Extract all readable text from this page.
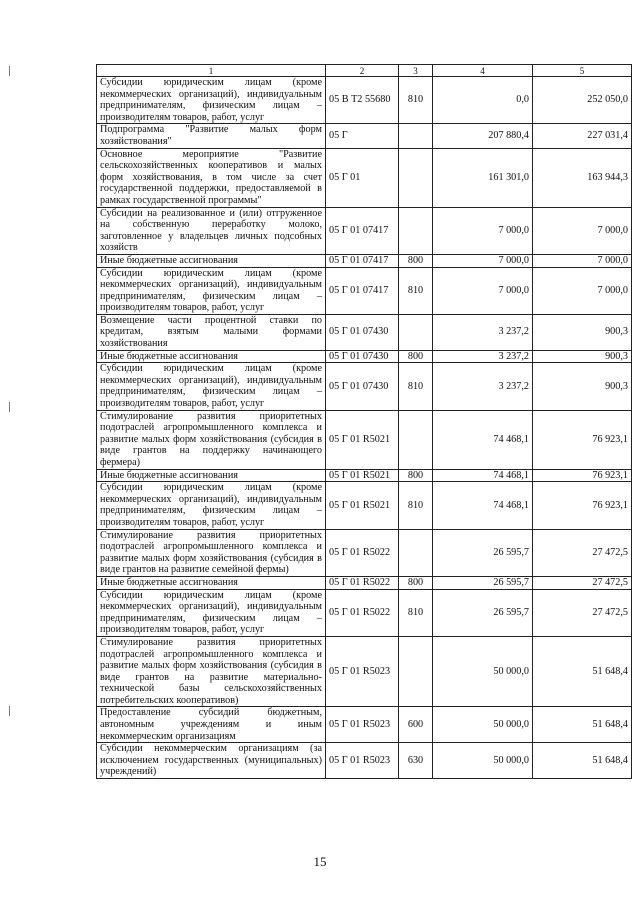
1	2	3	4	5
Субсидии юридическим лицам (кроме некоммерческих организаций), индивидуальным предпринимателям, физическим лицам – производителям товаров, работ, услуг	05 В Т2 55680	810	0,0	252 050,0
Подпрограмма "Развитие малых форм хозяйствования"	05 Г		207 880,4	227 031,4
Основное мероприятие "Развитие сельскохозяйственных кооперативов и малых форм хозяйствования, в том числе за счет государственной поддержки, предоставляемой в рамках государственной программы"	05 Г 01		161 301,0	163 944,3
Субсидии на реализованное и (или) отгруженное на собственную переработку молоко, заготовленное у владельцев личных подсобных хозяйств	05 Г 01 07417		7 000,0	7 000,0
Иные бюджетные ассигнования	05 Г 01 07417	800	7 000,0	7 000,0
Субсидии юридическим лицам (кроме некоммерческих организаций), индивидуальным предпринимателям, физическим лицам – производителям товаров, работ, услуг	05 Г 01 07417	810	7 000,0	7 000,0
Возмещение части процентной ставки по кредитам, взятым малыми формами хозяйствования	05 Г 01 07430		3 237,2	900,3
Иные бюджетные ассигнования	05 Г 01 07430	800	3 237,2	900,3
Субсидии юридическим лицам (кроме некоммерческих организаций), индивидуальным предпринимателям, физическим лицам – производителям товаров, работ, услуг	05 Г 01 07430	810	3 237,2	900,3
Стимулирование развития приоритетных подотраслей агропромышленного комплекса и развитие малых форм хозяйствования (субсидия в виде грантов на поддержку начинающего фермера)	05 Г 01 R5021		74 468,1	76 923,1
Иные бюджетные ассигнования	05 Г 01 R5021	800	74 468,1	76 923,1
Субсидии юридическим лицам (кроме некоммерческих организаций), индивидуальным предпринимателям, физическим лицам – производителям товаров, работ, услуг	05 Г 01 R5021	810	74 468,1	76 923,1
Стимулирование развития приоритетных подотраслей агропромышленного комплекса и развитие малых форм хозяйствования (субсидия в виде грантов на развитие семейной фермы)	05 Г 01 R5022		26 595,7	27 472,5
Иные бюджетные ассигнования	05 Г 01 R5022	800	26 595,7	27 472,5
Субсидии юридическим лицам (кроме некоммерческих организаций), индивидуальным предпринимателям, физическим лицам – производителям товаров, работ, услуг	05 Г 01 R5022	810	26 595,7	27 472,5
Стимулирование развития приоритетных подотраслей агропромышленного комплекса и развитие малых форм хозяйствования (субсидия в виде грантов на развитие материально-технической базы сельскохозяйственных потребительских кооперативов)	05 Г 01 R5023		50 000,0	51 648,4
Предоставление субсидий бюджетным, автономным учреждениям и иным некоммерческим организациям	05 Г 01 R5023	600	50 000,0	51 648,4
Субсидии некоммерческим организациям (за исключением государственных (муниципальных) учреждений)	05 Г 01 R5023	630	50 000,0	51 648,4
15
